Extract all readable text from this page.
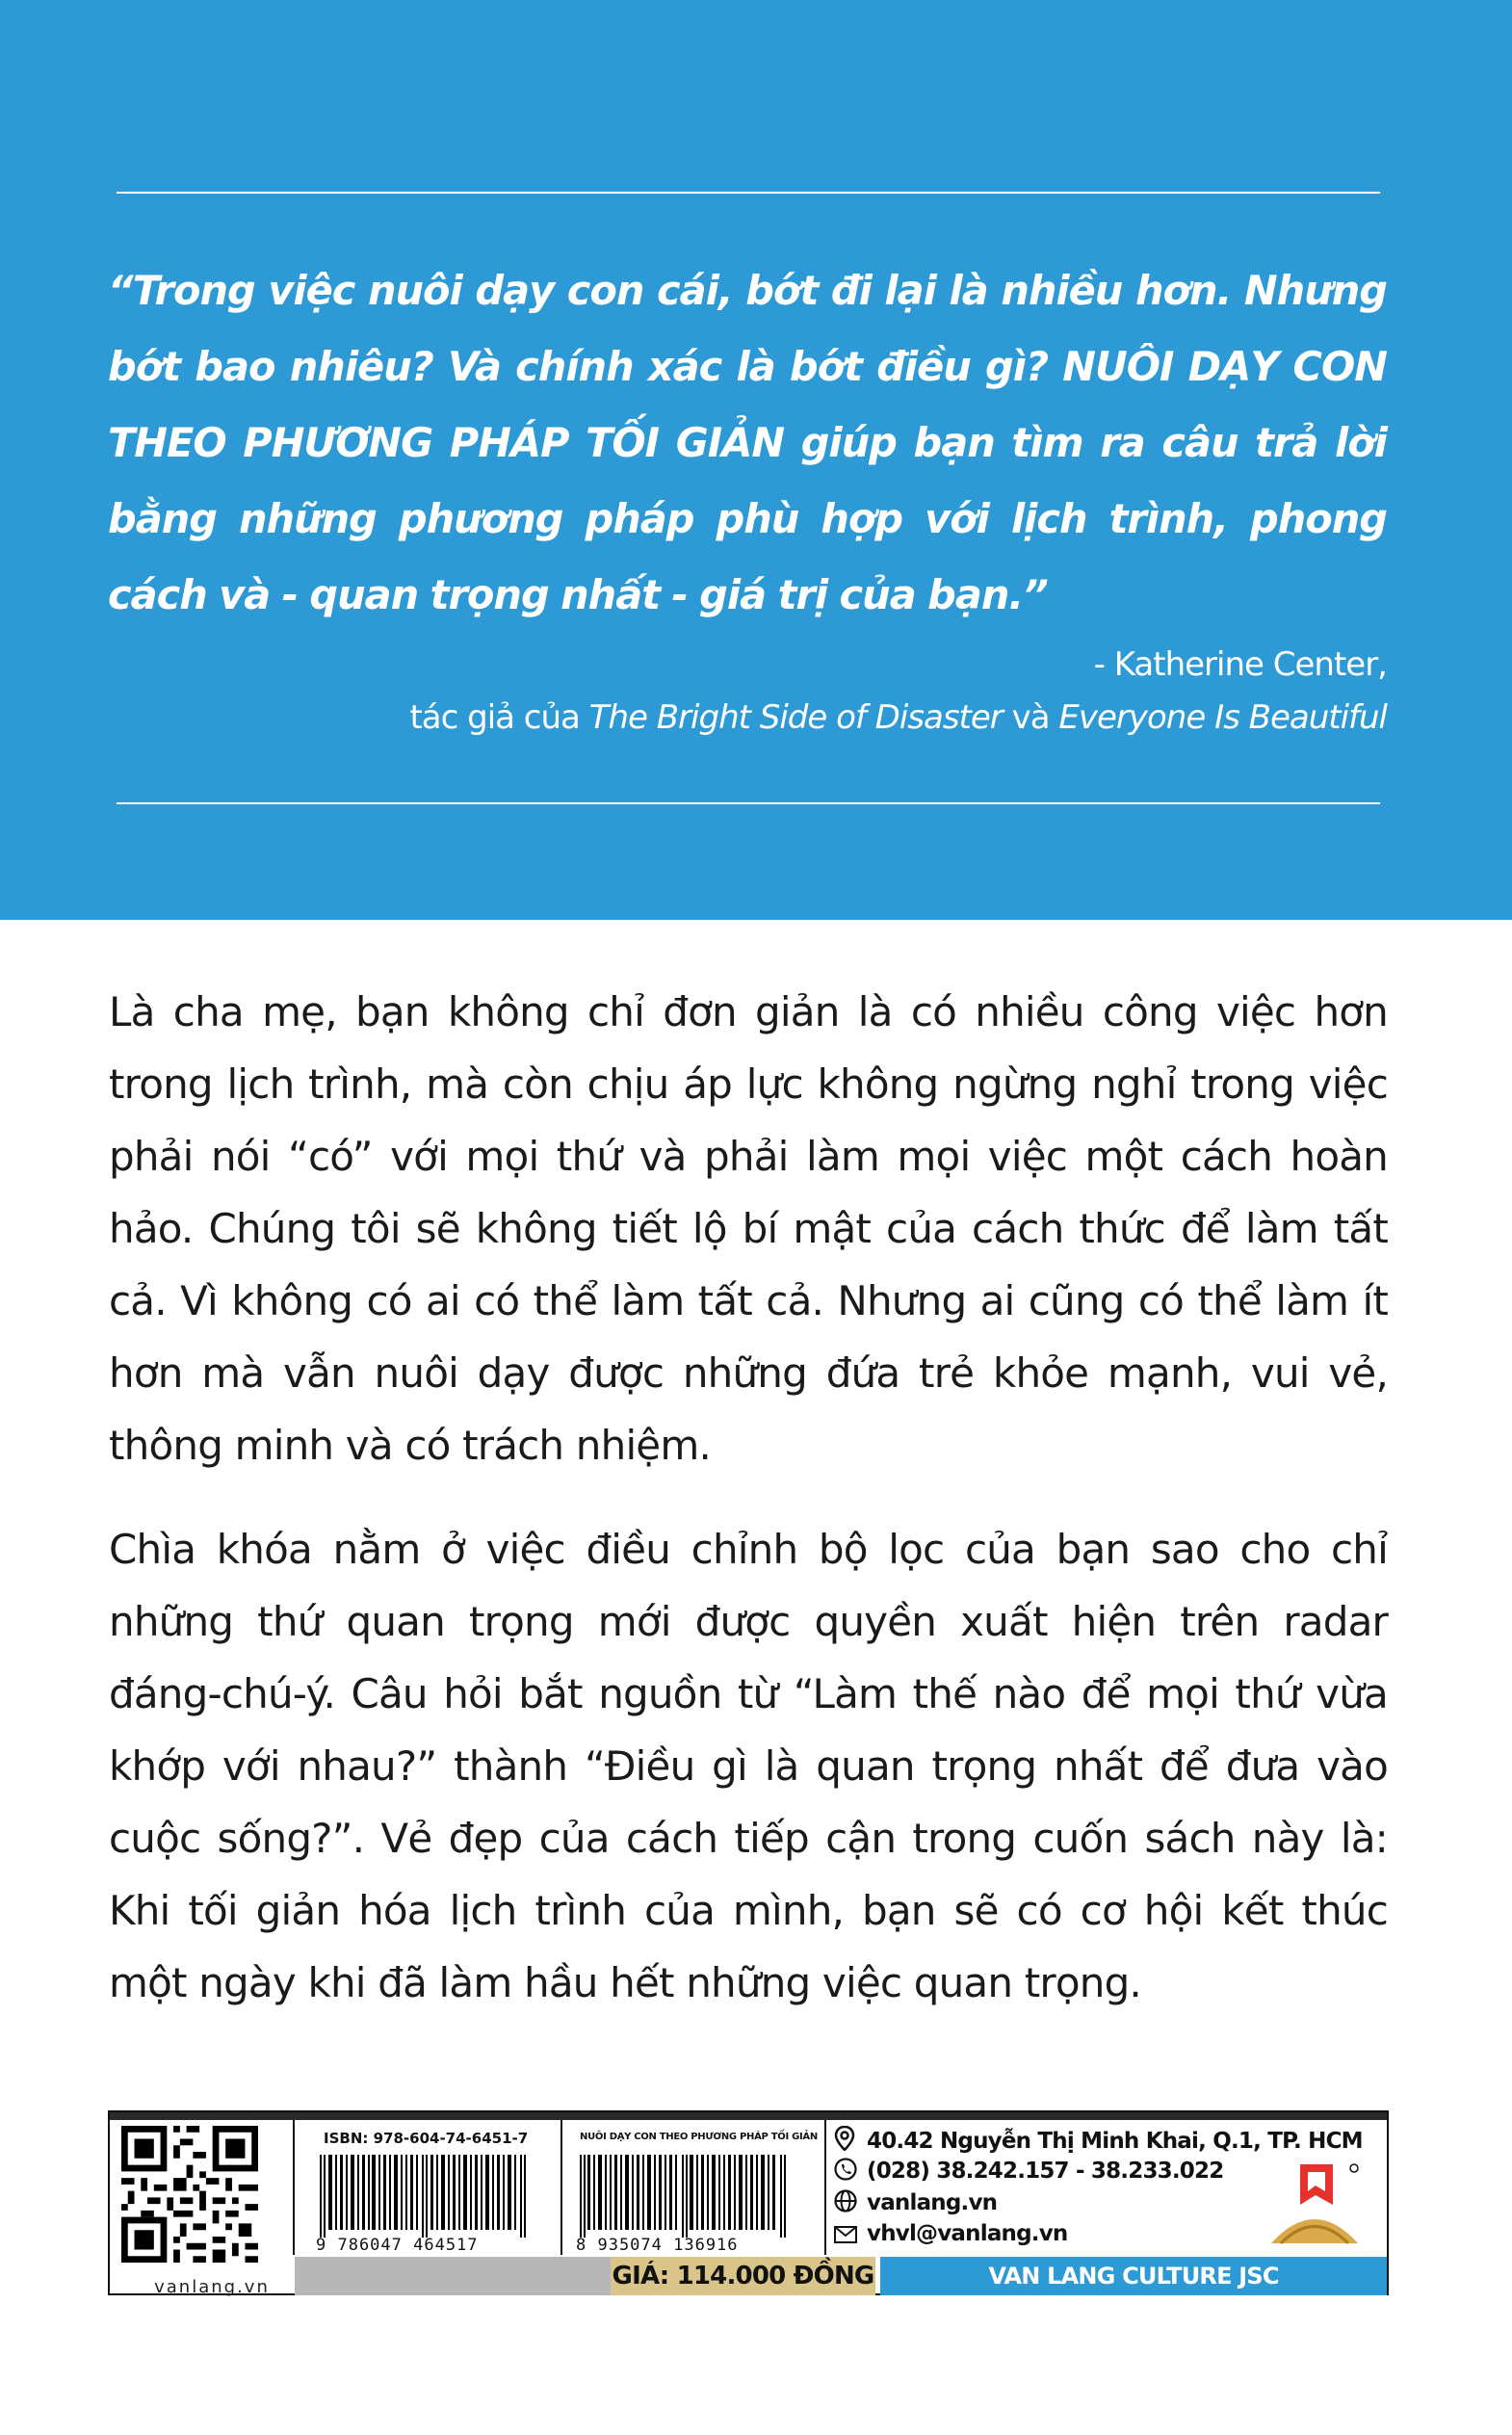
“Trong việc nuôi dạy con cái, bớt đi lại là nhiều hơn. Nhưng bớt bao nhiêu? Và chính xác là bớt điều gì? NUÔI DẠY CON THEO PHƯƠNG PHÁP TỐI GIẢN giúp bạn tìm ra câu trả lời bằng những phương pháp phù hợp với lịch trình, phong cách và - quan trọng nhất - giá trị của bạn.”

- Katherine Center,
tác giả của The Bright Side of Disaster và Everyone Is Beautiful

Là cha mẹ, bạn không chỉ đơn giản là có nhiều công việc hơn trong lịch trình, mà còn chịu áp lực không ngừng nghỉ trong việc phải nói “có” với mọi thứ và phải làm mọi việc một cách hoàn hảo. Chúng tôi sẽ không tiết lộ bí mật của cách thức để làm tất cả. Vì không có ai có thể làm tất cả. Nhưng ai cũng có thể làm ít hơn mà vẫn nuôi dạy được những đứa trẻ khỏe mạnh, vui vẻ, thông minh và có trách nhiệm.

Chìa khóa nằm ở việc điều chỉnh bộ lọc của bạn sao cho chỉ những thứ quan trọng mới được quyền xuất hiện trên radar đáng-chú-ý. Câu hỏi bắt nguồn từ “Làm thế nào để mọi thứ vừa khớp với nhau?” thành “Điều gì là quan trọng nhất để đưa vào cuộc sống?”. Vẻ đẹp của cách tiếp cận trong cuốn sách này là: Khi tối giản hóa lịch trình của mình, bạn sẽ có cơ hội kết thúc một ngày khi đã làm hầu hết những việc quan trọng.

vanlang.vn
ISBN: 978-604-74-6451-7
9 786047 464517
NUÔI DẠY CON THEO PHƯƠNG PHÁP TỐI GIẢN
8 935074 136916
40.42 Nguyễn Thị Minh Khai, Q.1, TP. HCM
(028) 38.242.157 - 38.233.022
vanlang.vn
vhvl@vanlang.vn
GIÁ: 114.000 ĐỒNG	VAN LANG CULTURE JSC
